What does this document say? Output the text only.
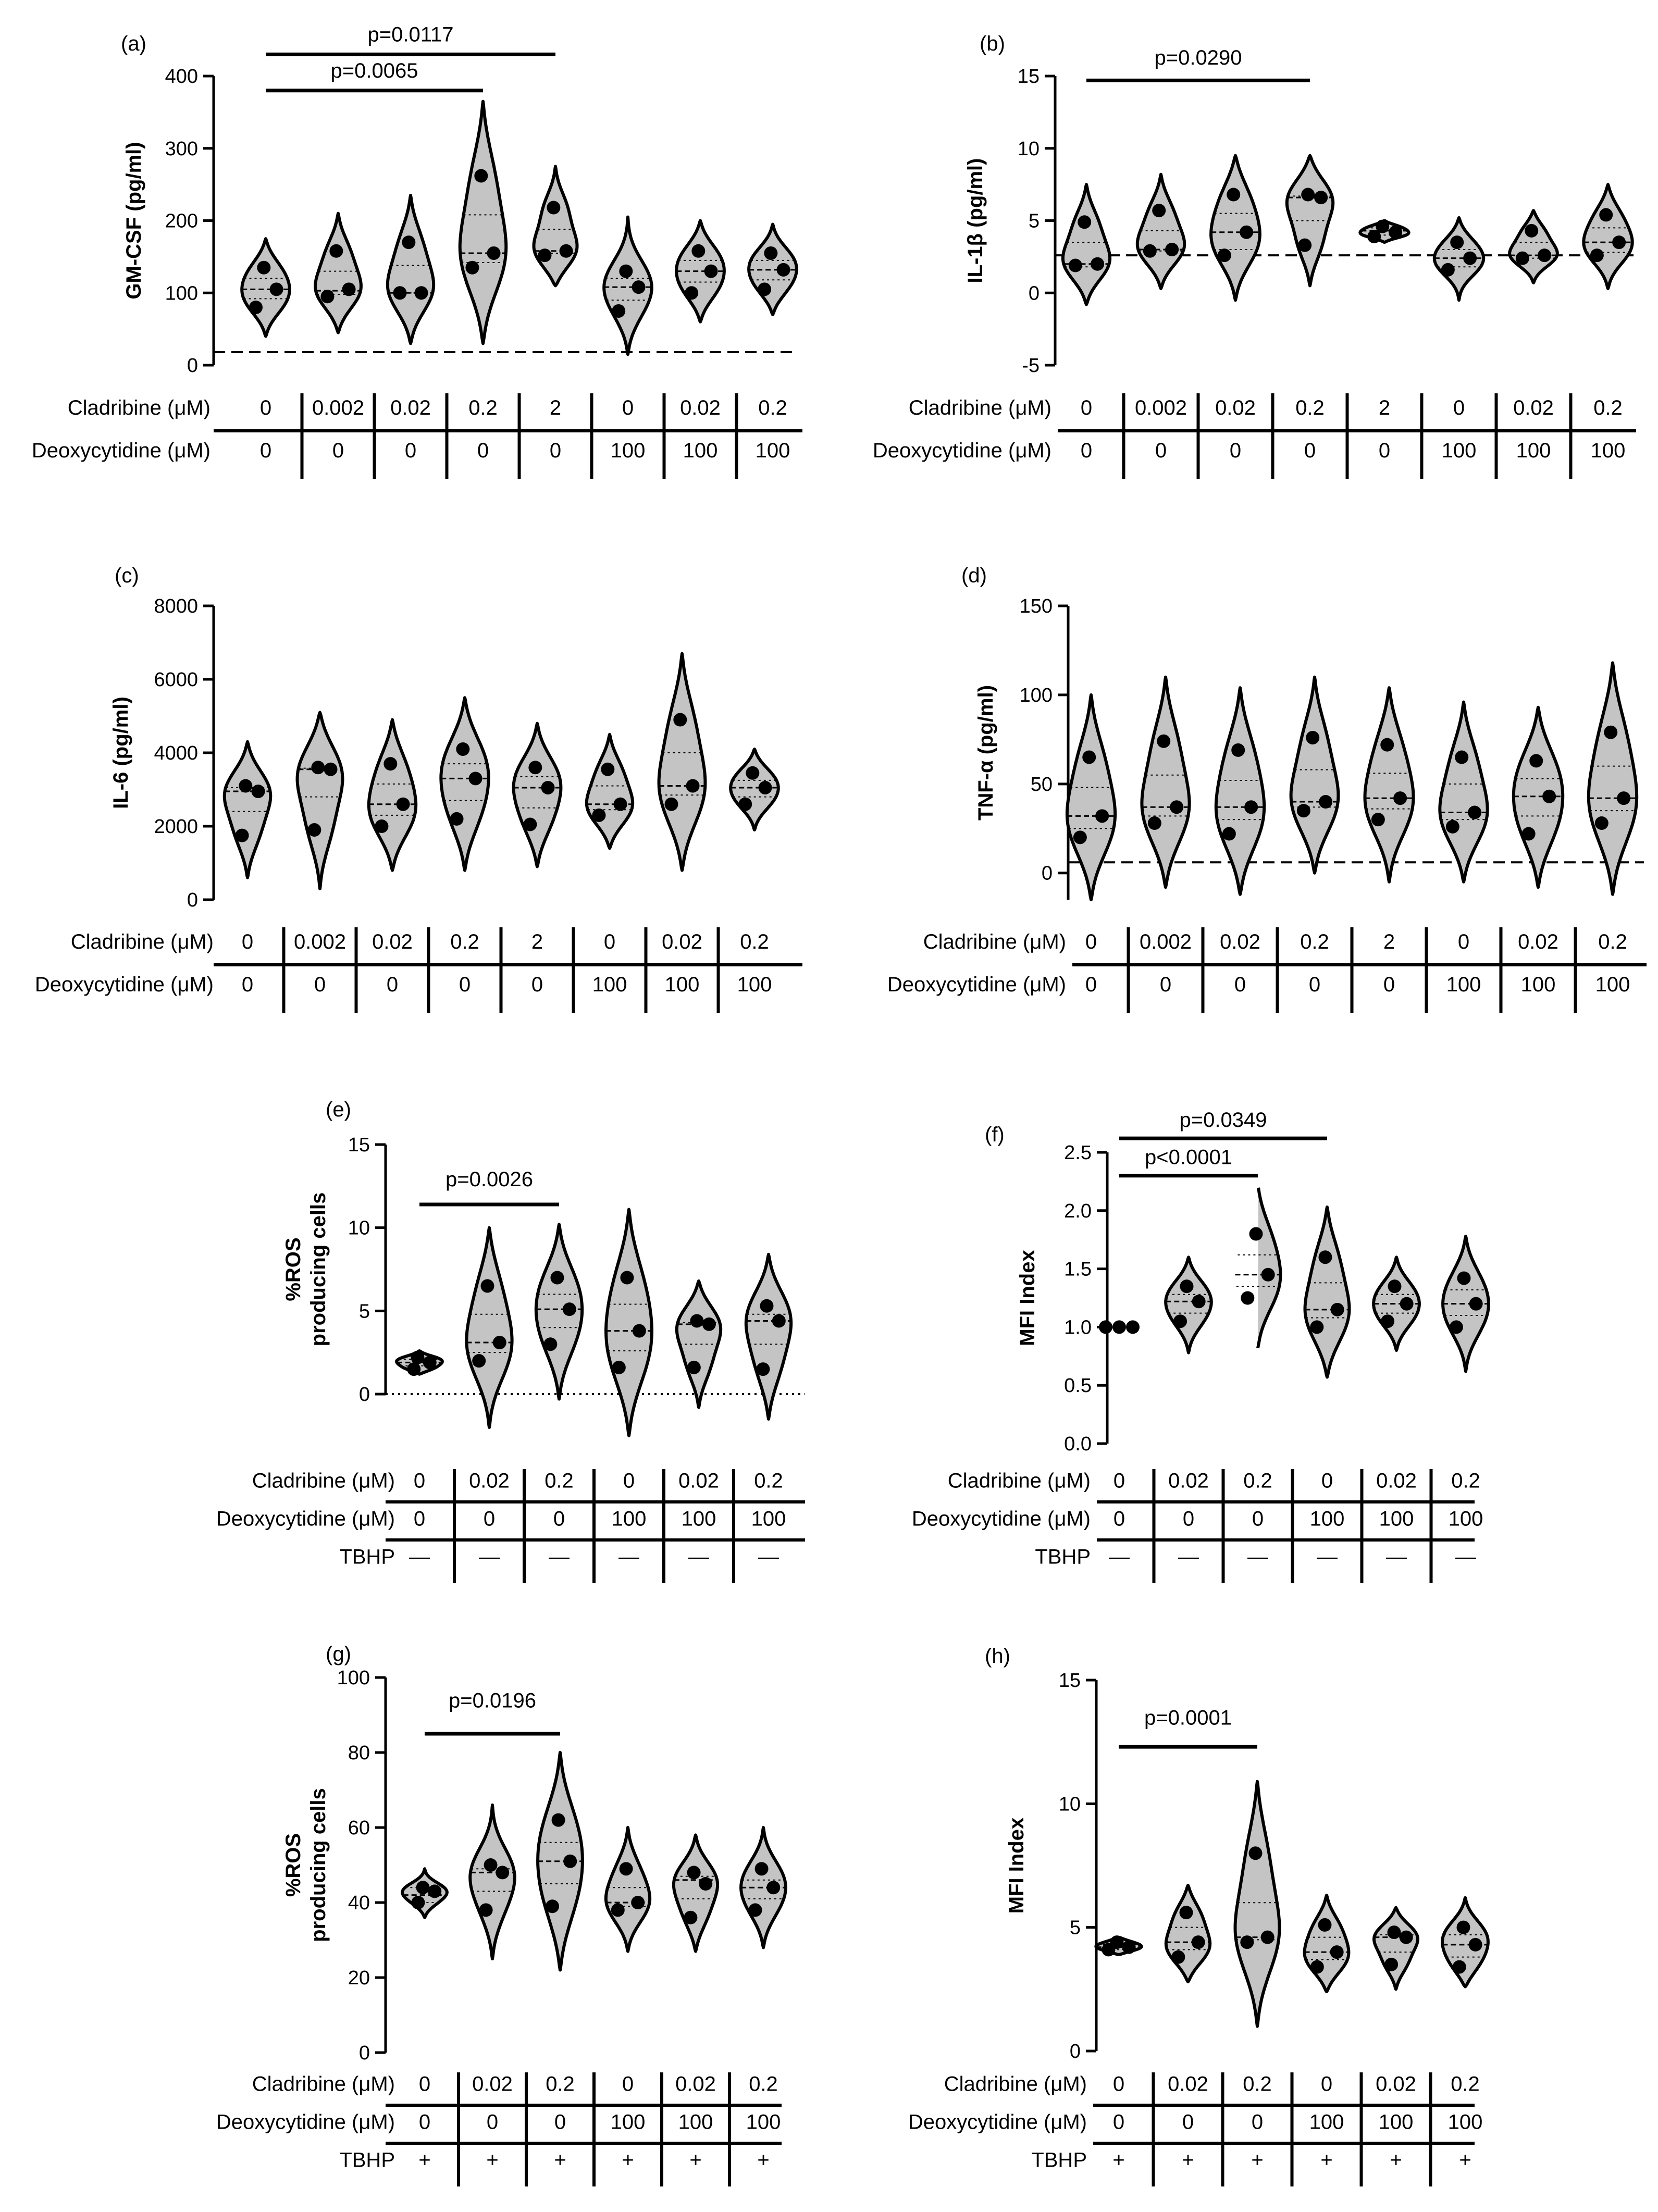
(a)
0
100
200
300
400
GM-CSF (pg/ml)
p=0.0117
p=0.0065
Cladribine (μM) 0 0.002 0.02 0.2	2	0 0.02 0.2
Deoxycytidine (μM) 0	0	0	0	0 100 100 100
(b)
-5
0
5
10
15
IL-1β (pg/ml)
p=0.0290
Cladribine (μM) 0 0.002 0.02 0.2	2	0 0.02 0.2
Deoxycytidine (μM) 0	0	0	0	0 100 100 100
(c)
0
2000
4000
6000
8000
IL-6 (pg/ml)
Cladribine (μM) 0 0.002 0.02 0.2	2	0 0.02 0.2
Deoxycytidine (μM) 0	0	0	0	0 100 100 100
(d)
0
50
100
150
TNF-α (pg/ml)
Cladribine (μM) 0 0.002 0.02 0.2	2	0 0.02 0.2
Deoxycytidine (μM) 0	0	0	0	0 100 100 100
(e)
0
5
10
15
%ROS producing cells
p=0.0026
Cladribine (μM) 0 0.02 0.2 0 0.02 0.2
Deoxycytidine (μM) 0	0	0 100 100 100
TBHP — — — — — —
(f)
0.0
0.5
1.0
1.5
2.0
2.5
MFI Index
p=0.0349
p<0.0001
Cladribine (μM) 0 0.02 0.2 0 0.02 0.2
Deoxycytidine (μM) 0	0	0 100 100 100
TBHP — — — — — —
(g)
0
20
40
60
80
100
%ROS producing cells
p=0.0196
Cladribine (μM) 0 0.02 0.2 0 0.02 0.2
Deoxycytidine (μM) 0	0	0 100 100 100
TBHP +	+	+	+	+	+
(h)
0
5
10
15
MFI Index
p=0.0001
Cladribine (μM) 0 0.02 0.2 0 0.02 0.2
Deoxycytidine (μM) 0	0	0 100 100 100
TBHP +	+	+	+	+	+
